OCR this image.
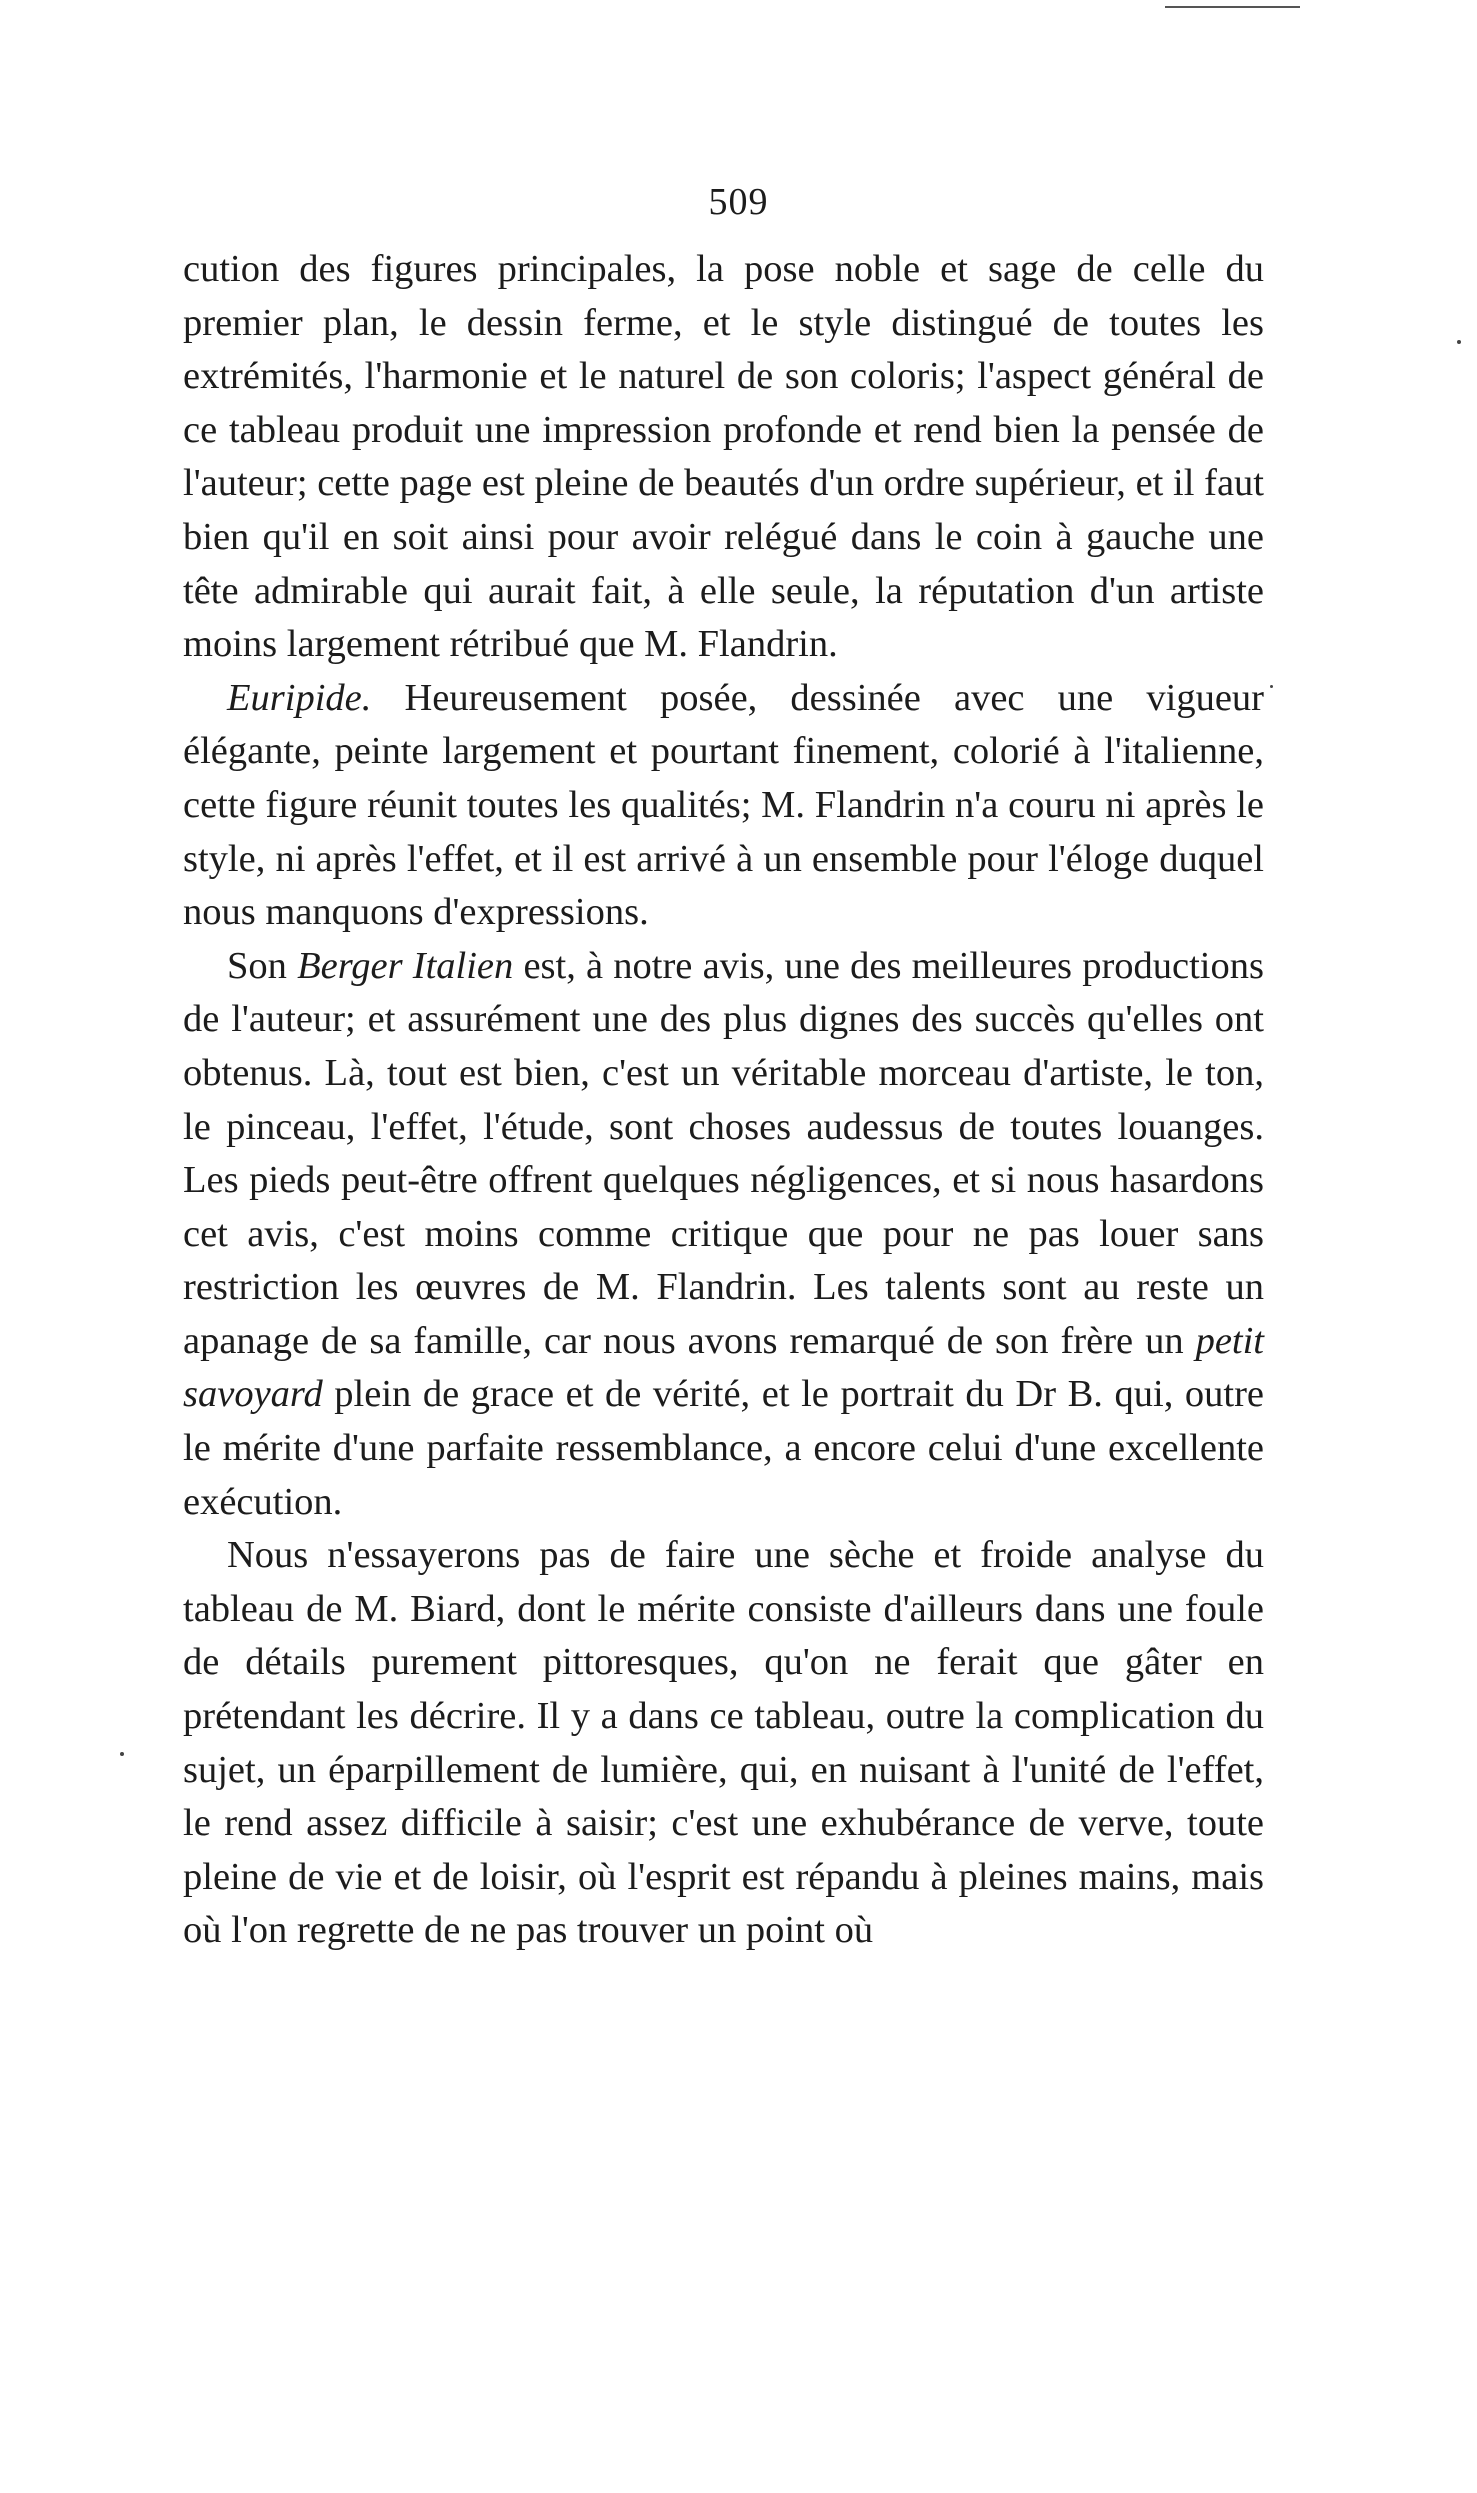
509

cution des figures principales, la pose noble et sage de celle du premier plan, le dessin ferme, et le style distingué de toutes les extrémités, l'harmonie et le naturel de son coloris; l'aspect général de ce tableau produit une impression profonde et rend bien la pensée de l'auteur; cette page est pleine de beautés d'un ordre supérieur, et il faut bien qu'il en soit ainsi pour avoir relégué dans le coin à gauche une tête admirable qui aurait fait, à elle seule, la réputation d'un artiste moins largement rétribué que M. Flandrin.

Euripide. Heureusement posée, dessinée avec une vigueur élégante, peinte largement et pourtant finement, colorié à l'italienne, cette figure réunit toutes les qualités; M. Flandrin n'a couru ni après le style, ni après l'effet, et il est arrivé à un ensemble pour l'éloge duquel nous manquons d'expressions.

Son Berger Italien est, à notre avis, une des meilleures productions de l'auteur; et assurément une des plus dignes des succès qu'elles ont obtenus. Là, tout est bien, c'est un véritable morceau d'artiste, le ton, le pinceau, l'effet, l'étude, sont choses audessus de toutes louanges. Les pieds peut-être offrent quelques négligences, et si nous hasardons cet avis, c'est moins comme critique que pour ne pas louer sans restriction les œuvres de M. Flandrin. Les talents sont au reste un apanage de sa famille, car nous avons remarqué de son frère un petit savoyard plein de grace et de vérité, et le portrait du Dr B. qui, outre le mérite d'une parfaite ressemblance, a encore celui d'une excellente exécution.

Nous n'essayerons pas de faire une sèche et froide analyse du tableau de M. Biard, dont le mérite consiste d'ailleurs dans une foule de détails purement pittoresques, qu'on ne ferait que gâter en prétendant les décrire. Il y a dans ce tableau, outre la complication du sujet, un éparpillement de lumière, qui, en nuisant à l'unité de l'effet, le rend assez difficile à saisir; c'est une exhubérance de verve, toute pleine de vie et de loisir, où l'esprit est répandu à pleines mains, mais où l'on regrette de ne pas trouver un point où
